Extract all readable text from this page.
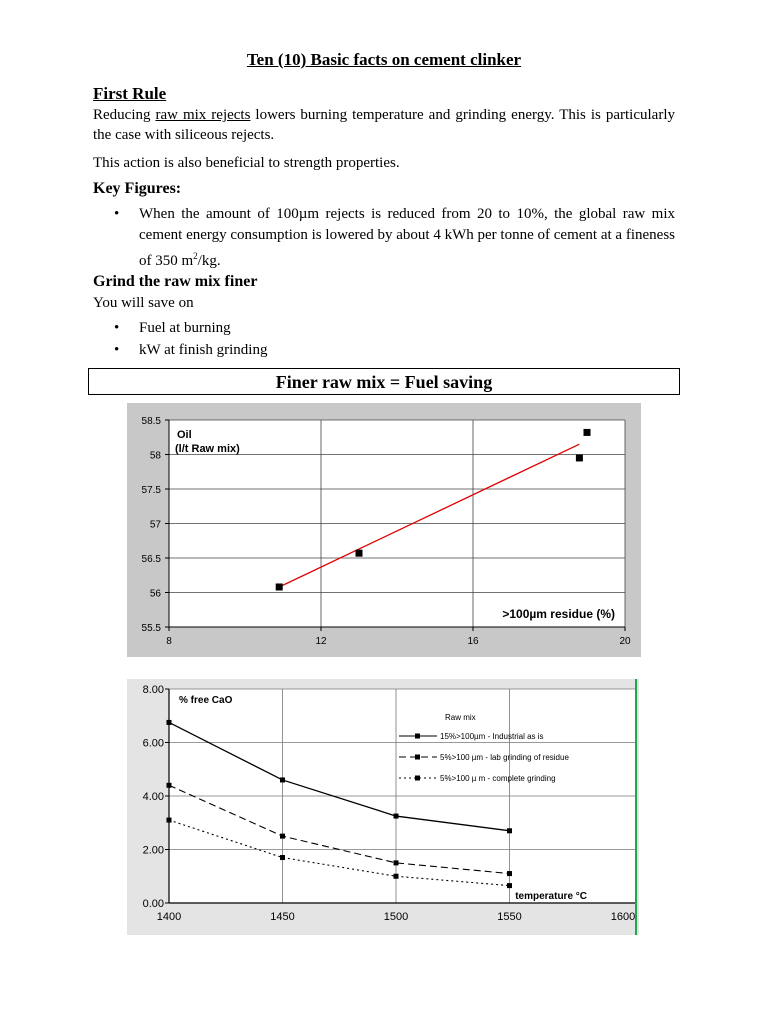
Ten (10) Basic facts on cement clinker
First Rule
Reducing raw mix rejects lowers burning temperature and grinding energy. This is particularly the case with siliceous rejects.
This action is also beneficial to strength properties.
Key Figures:
• When the amount of 100µm rejects is reduced from 20 to 10%, the global raw mix cement energy consumption is lowered by about 4 kWh per tonne of cement at a fineness of 350 $m^2/kg$.
Grind the raw mix finer
You will save on
• Fuel at burning
• kW at finish grinding
Finer raw mix = Fuel saving
55.5
56
56.5
57
57.5
58
58.5
8	12	16	20
Oil
(l/t Raw mix)
>100µm residue (%)
0.00
2.00
4.00
6.00
8.00
1400	1450	1500	1550	1600
% free CaO
temperature °C
Raw mix
15%>100µm - Industrial as is
5%>100 µm - lab grinding of residue
5%>100 µ m - complete grinding
